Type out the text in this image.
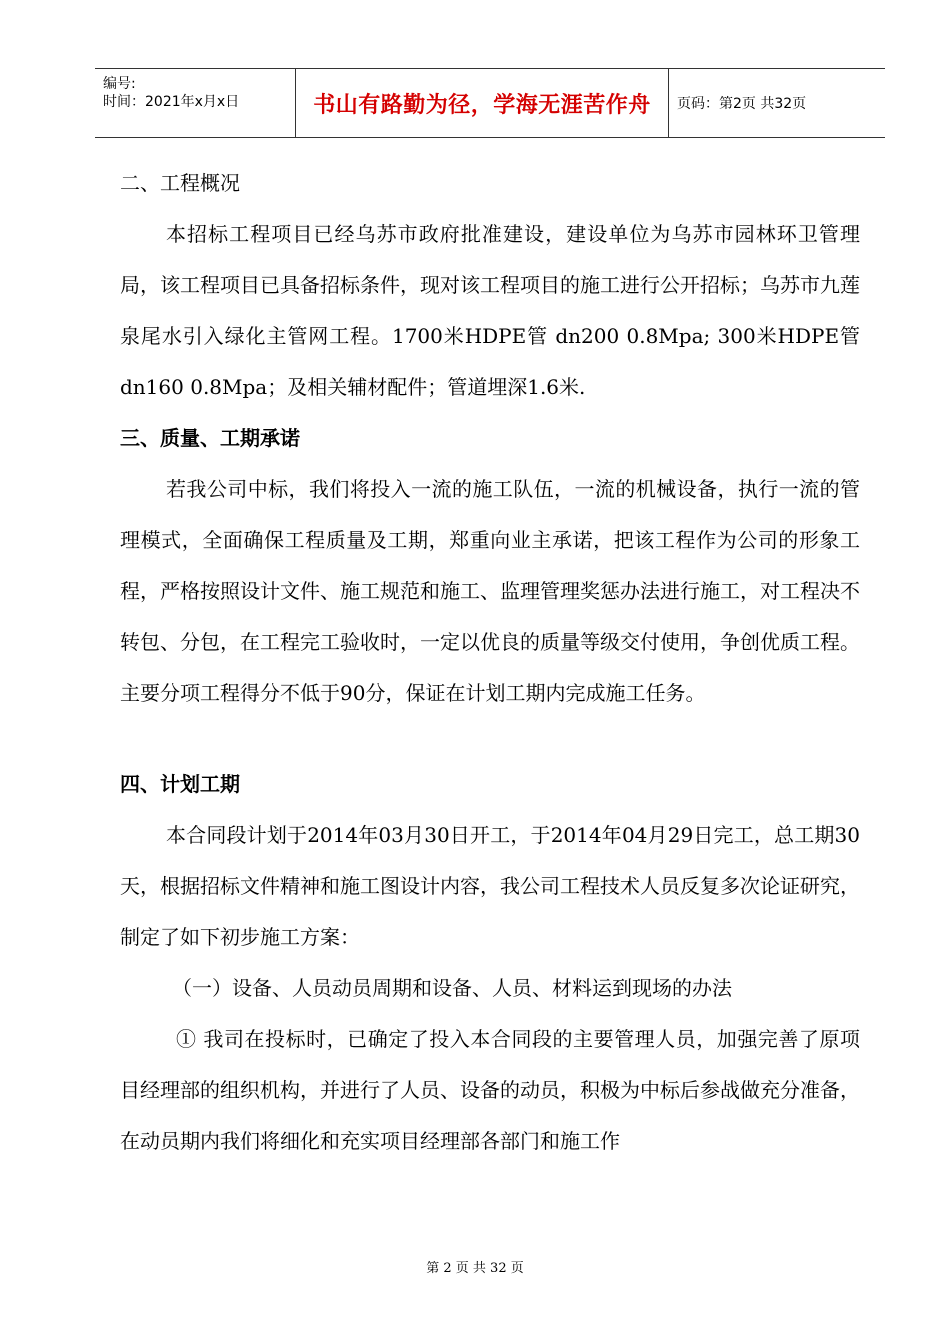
编号:
时间：2021年x月x日	书山有路勤为径，学海无涯苦作舟	页码：第2页 共32页

二、工程概况

本招标工程项目已经乌苏市政府批准建设，建设单位为乌苏市园林环卫管理局，该工程项目已具备招标条件，现对该工程项目的施工进行公开招标；乌苏市九莲泉尾水引入绿化主管网工程。1700米HDPE管 dn200 0.8Mpa; 300米HDPE管 dn160 0.8Mpa；及相关辅材配件；管道埋深1.6米.

三、质量、工期承诺

若我公司中标，我们将投入一流的施工队伍，一流的机械设备，执行一流的管理模式，全面确保工程质量及工期，郑重向业主承诺，把该工程作为公司的形象工程，严格按照设计文件、施工规范和施工、监理管理奖惩办法进行施工，对工程决不转包、分包，在工程完工验收时，一定以优良的质量等级交付使用，争创优质工程。主要分项工程得分不低于90分，保证在计划工期内完成施工任务。

四、计划工期

本合同段计划于2014年03月30日开工，于2014年04月29日完工，总工期30天，根据招标文件精神和施工图设计内容，我公司工程技术人员反复多次论证研究，制定了如下初步施工方案：

（一）设备、人员动员周期和设备、人员、材料运到现场的办法

① 我司在投标时，已确定了投入本合同段的主要管理人员，加强完善了原项目经理部的组织机构，并进行了人员、设备的动员，积极为中标后参战做充分准备，在动员期内我们将细化和充实项目经理部各部门和施工作

第 2 页 共 32 页
